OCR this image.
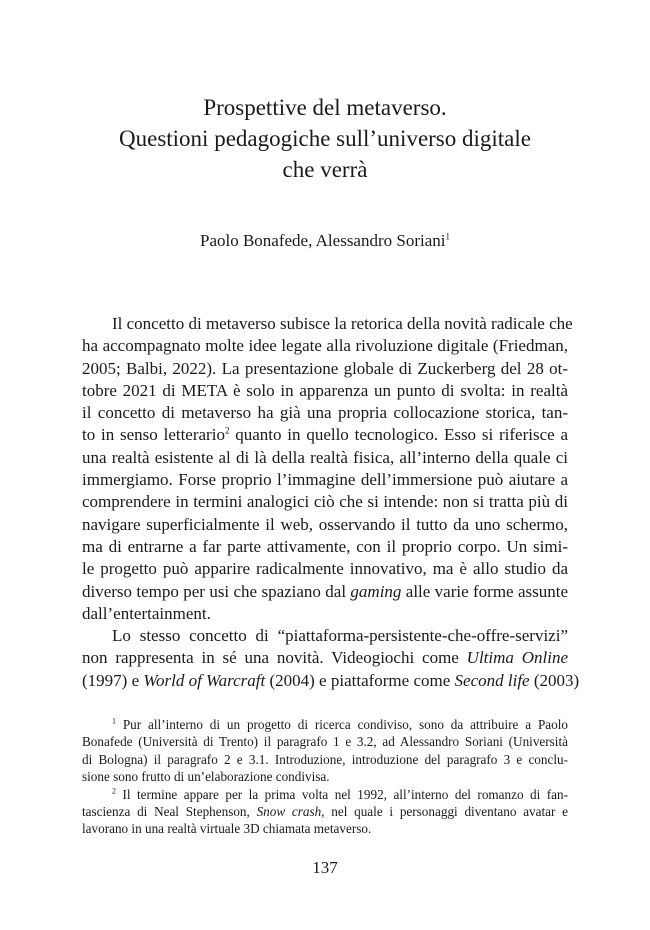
Prospettive del metaverso.
Questioni pedagogiche sull’universo digitale
che verrà
Paolo Bonafede, Alessandro Soriani$^1$
Il concetto di metaverso subisce la retorica della novità radicale che
ha accompagnato molte idee legate alla rivoluzione digitale (Friedman,
2005; Balbi, 2022). La presentazione globale di Zuckerberg del 28 ot-
tobre 2021 di META è solo in apparenza un punto di svolta: in realtà
il concetto di metaverso ha già una propria collocazione storica, tan-
to in senso letterario$^2$ quanto in quello tecnologico. Esso si riferisce a
una realtà esistente al di là della realtà fisica, all’interno della quale ci
immergiamo. Forse proprio l’immagine dell’immersione può aiutare a
comprendere in termini analogici ciò che si intende: non si tratta più di
navigare superficialmente il web, osservando il tutto da uno schermo,
ma di entrarne a far parte attivamente, con il proprio corpo. Un simi-
le progetto può apparire radicalmente innovativo, ma è allo studio da
diverso tempo per usi che spaziano dal gaming alle varie forme assunte
dall’entertainment.
Lo stesso concetto di “piattaforma-persistente-che-offre-servizi”
non rappresenta in sé una novità. Videogiochi come Ultima Online
(1997) e World of Warcraft (2004) e piattaforme come Second life (2003)
$^1$ Pur all’interno di un progetto di ricerca condiviso, sono da attribuire a Paolo
Bonafede (Università di Trento) il paragrafo 1 e 3.2, ad Alessandro Soriani (Università
di Bologna) il paragrafo 2 e 3.1. Introduzione, introduzione del paragrafo 3 e conclu-
sione sono frutto di un’elaborazione condivisa.
$^2$ Il termine appare per la prima volta nel 1992, all’interno del romanzo di fan-
tascienza di Neal Stephenson, Snow crash, nel quale i personaggi diventano avatar e
lavorano in una realtà virtuale 3D chiamata metaverso.
137
